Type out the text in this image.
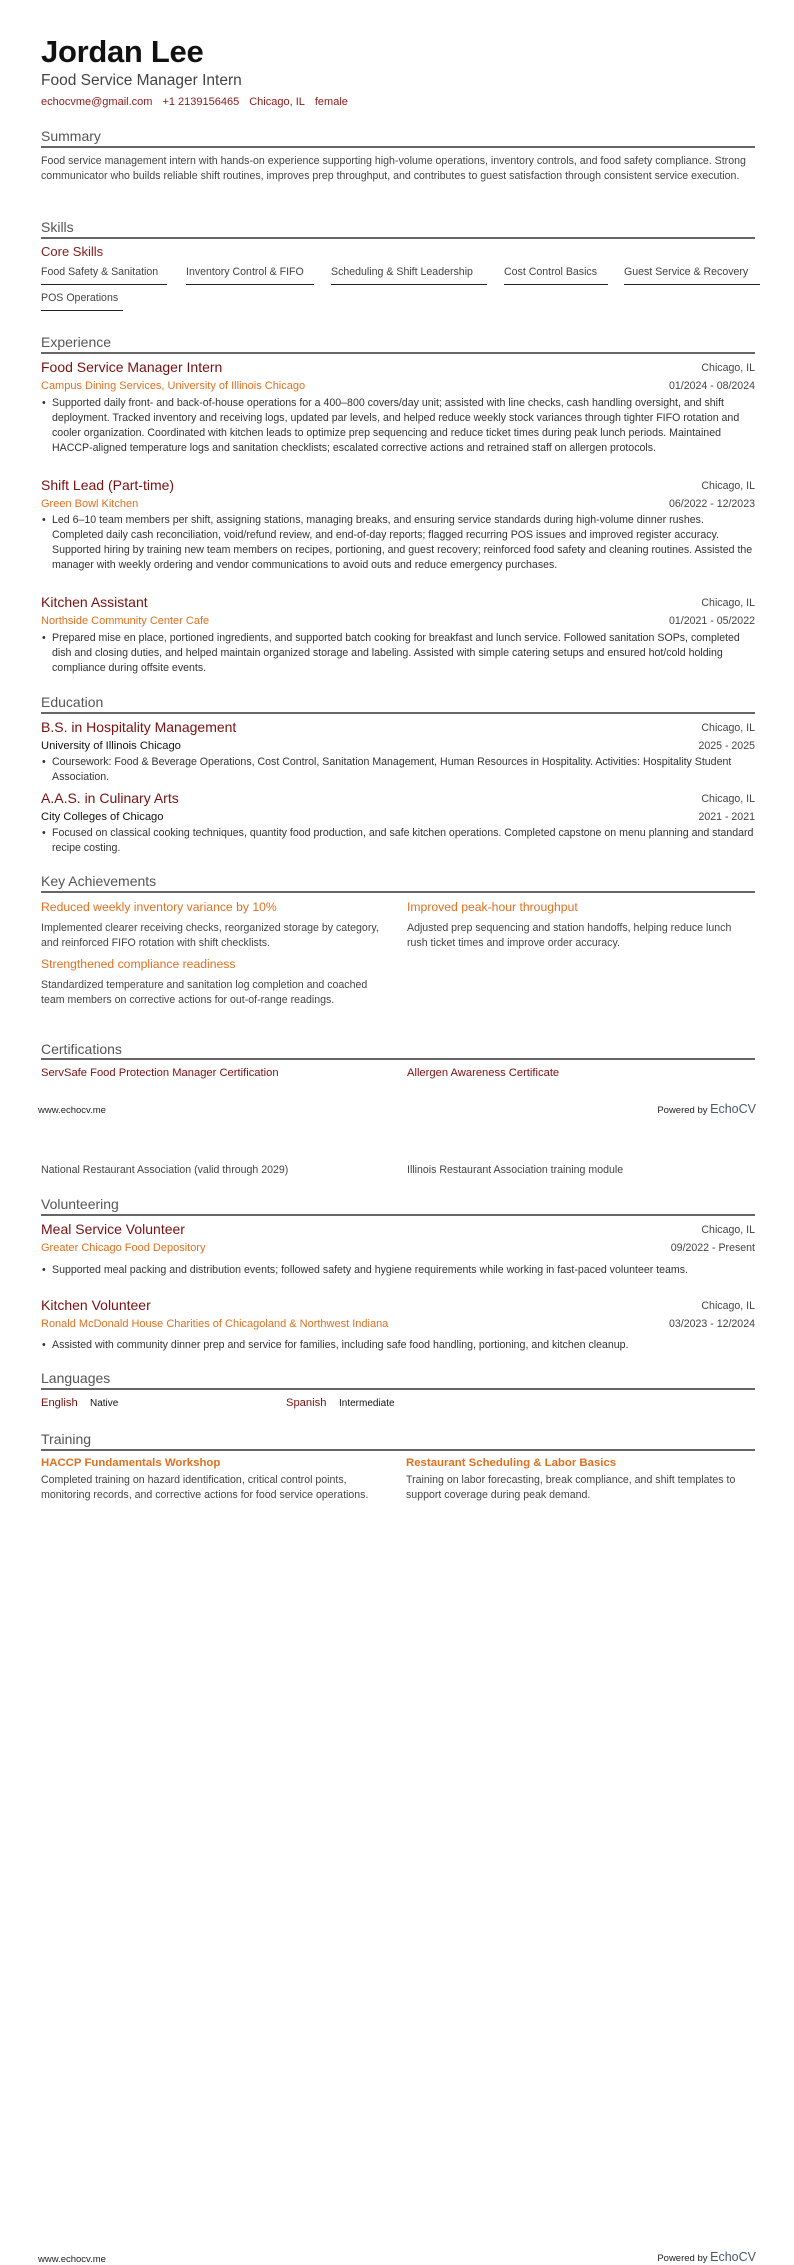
Jordan Lee
Food Service Manager Intern
echocvme@gmail.com +1 2139156465 Chicago, IL female
Summary
Food service management intern with hands-on experience supporting high-volume operations, inventory controls, and food safety compliance. Strong communicator who builds reliable shift routines, improves prep throughput, and contributes to guest satisfaction through consistent service execution.
Skills
Core Skills
Food Safety & Sanitation	Inventory Control & FIFO	Scheduling & Shift Leadership	Cost Control Basics	Guest Service & Recovery
POS Operations
Experience
Food Service Manager Intern	Chicago, IL
Campus Dining Services, University of Illinois Chicago	01/2024 - 08/2024
• Supported daily front- and back-of-house operations for a 400–800 covers/day unit; assisted with line checks, cash handling oversight, and shift deployment. Tracked inventory and receiving logs, updated par levels, and helped reduce weekly stock variances through tighter FIFO rotation and cooler organization. Coordinated with kitchen leads to optimize prep sequencing and reduce ticket times during peak lunch periods. Maintained HACCP-aligned temperature logs and sanitation checklists; escalated corrective actions and retrained staff on allergen protocols.
Shift Lead (Part-time)	Chicago, IL
Green Bowl Kitchen	06/2022 - 12/2023
• Led 6–10 team members per shift, assigning stations, managing breaks, and ensuring service standards during high-volume dinner rushes. Completed daily cash reconciliation, void/refund review, and end-of-day reports; flagged recurring POS issues and improved register accuracy. Supported hiring by training new team members on recipes, portioning, and guest recovery; reinforced food safety and cleaning routines. Assisted the manager with weekly ordering and vendor communications to avoid outs and reduce emergency purchases.
Kitchen Assistant	Chicago, IL
Northside Community Center Cafe	01/2021 - 05/2022
• Prepared mise en place, portioned ingredients, and supported batch cooking for breakfast and lunch service. Followed sanitation SOPs, completed dish and closing duties, and helped maintain organized storage and labeling. Assisted with simple catering setups and ensured hot/cold holding compliance during offsite events.
Education
B.S. in Hospitality Management	Chicago, IL
University of Illinois Chicago	2025 - 2025
• Coursework: Food & Beverage Operations, Cost Control, Sanitation Management, Human Resources in Hospitality. Activities: Hospitality Student Association.
A.A.S. in Culinary Arts	Chicago, IL
City Colleges of Chicago	2021 - 2021
• Focused on classical cooking techniques, quantity food production, and safe kitchen operations. Completed capstone on menu planning and standard recipe costing.
Key Achievements
Reduced weekly inventory variance by 10%
Implemented clearer receiving checks, reorganized storage by category, and reinforced FIFO rotation with shift checklists.
Improved peak-hour throughput
Adjusted prep sequencing and station handoffs, helping reduce lunch rush ticket times and improve order accuracy.
Strengthened compliance readiness
Standardized temperature and sanitation log completion and coached team members on corrective actions for out-of-range readings.
Certifications
ServSafe Food Protection Manager Certification	Allergen Awareness Certificate
www.echocv.me	Powered by EchoCV
National Restaurant Association (valid through 2029)	Illinois Restaurant Association training module
Volunteering
Meal Service Volunteer	Chicago, IL
Greater Chicago Food Depository	09/2022 - Present
• Supported meal packing and distribution events; followed safety and hygiene requirements while working in fast-paced volunteer teams.
Kitchen Volunteer	Chicago, IL
Ronald McDonald House Charities of Chicagoland & Northwest Indiana	03/2023 - 12/2024
• Assisted with community dinner prep and service for families, including safe food handling, portioning, and kitchen cleanup.
Languages
English Native	Spanish Intermediate
Training
HACCP Fundamentals Workshop
Completed training on hazard identification, critical control points, monitoring records, and corrective actions for food service operations.
Restaurant Scheduling & Labor Basics
Training on labor forecasting, break compliance, and shift templates to support coverage during peak demand.
www.echocv.me	Powered by EchoCV
